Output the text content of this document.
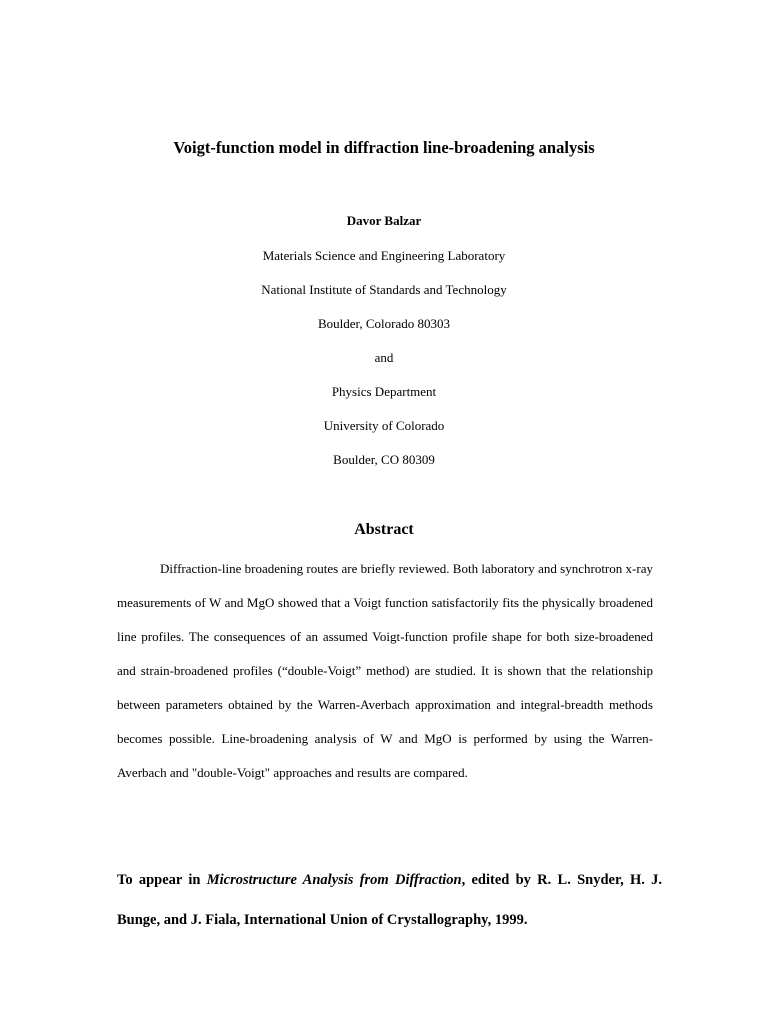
Voigt-function model in diffraction line-broadening analysis
Davor Balzar
Materials Science and Engineering Laboratory
National Institute of Standards and Technology
Boulder, Colorado 80303
and
Physics Department
University of Colorado
Boulder, CO 80309
Abstract

Diffraction-line broadening routes are briefly reviewed. Both laboratory and synchrotron x-ray measurements of W and MgO showed that a Voigt function satisfactorily fits the physically broadened line profiles. The consequences of an assumed Voigt-function profile shape for both size-broadened and strain-broadened profiles (“double-Voigt” method) are studied. It is shown that the relationship between parameters obtained by the Warren-Averbach approximation and integral-breadth methods becomes possible. Line-broadening analysis of W and MgO is performed by using the Warren-Averbach and "double-Voigt" approaches and results are compared.

To appear in Microstructure Analysis from Diffraction, edited by R. L. Snyder, H. J. Bunge, and J. Fiala, International Union of Crystallography, 1999.
